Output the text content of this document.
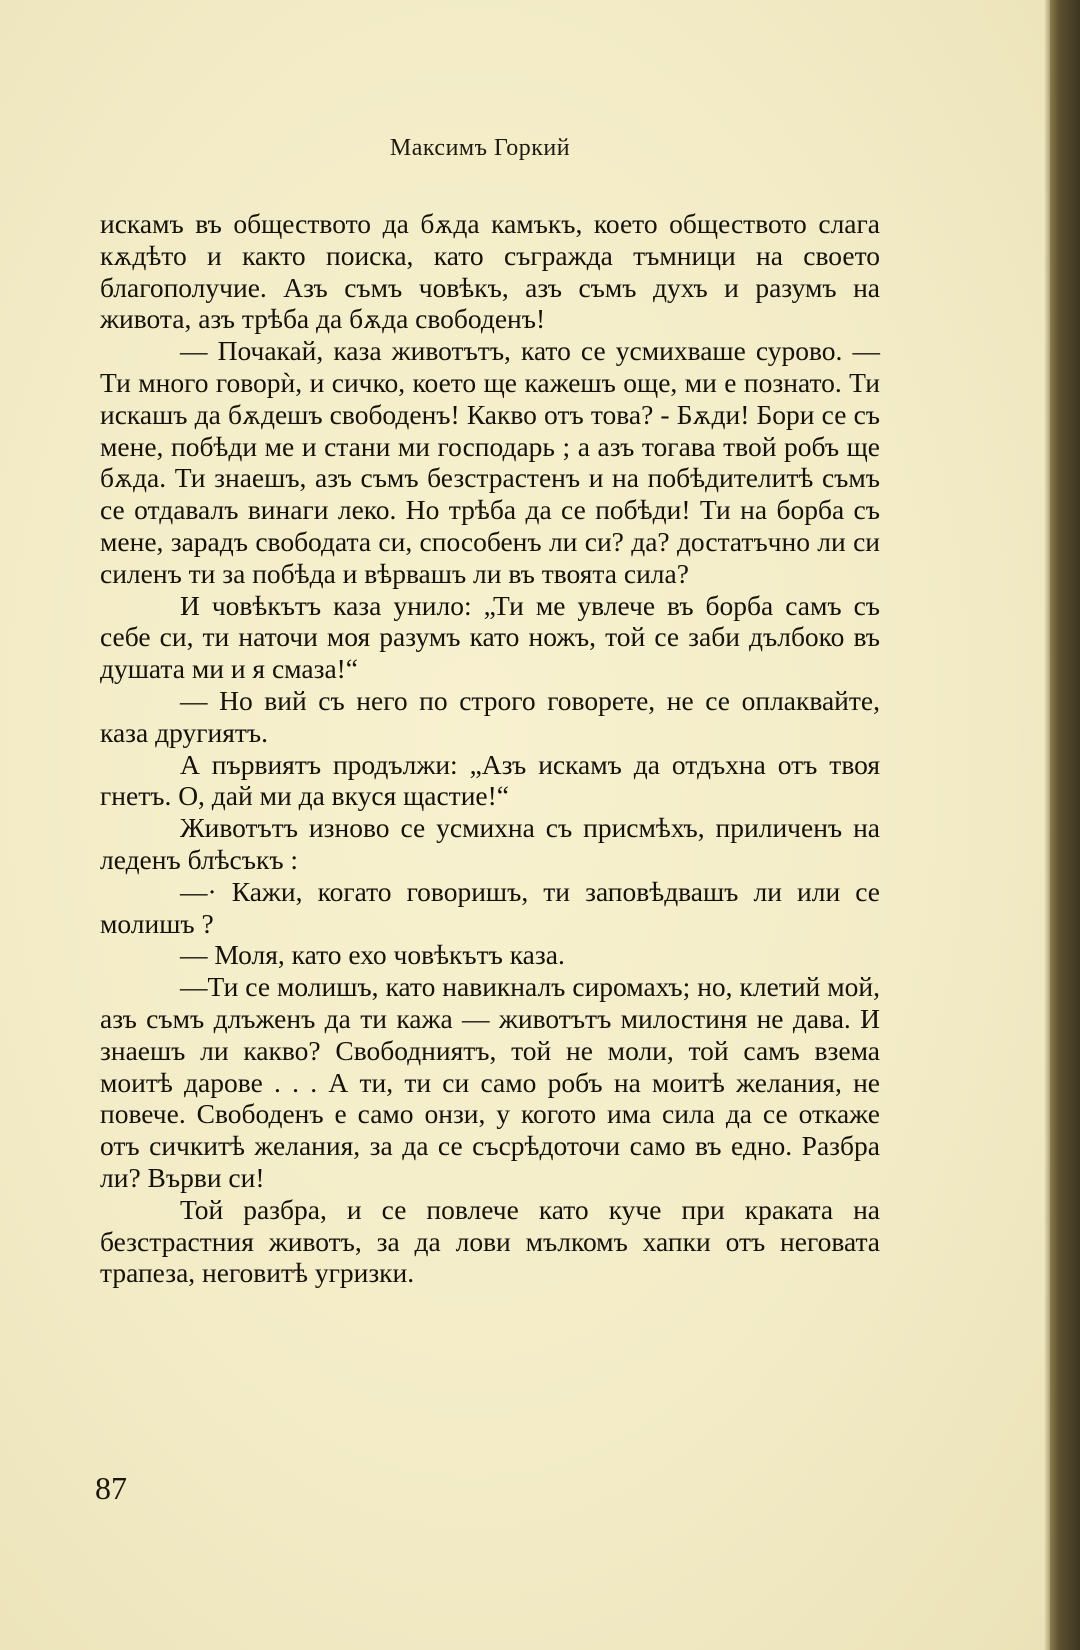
Максимъ Горкий

искамъ въ обществото да бѫда камъкъ, което обществото слага кѫдѣто и както поиска, като съгражда тъмници на своето благополучие. Азъ съмъ човѣкъ, азъ съмъ духъ и разумъ на живота, азъ трѣба да бѫда свободенъ!

— Почакай, каза животътъ, като се усмихваше сурово. — Ти много говорѝ, и сичко, което ще кажешъ още, ми е познато. Ти искашъ да бѫдешъ свободенъ! Какво отъ това? - Бѫди! Бори се съ мене, побѣди ме и стани ми господарь ; а азъ тогава твой робъ ще бѫда. Ти знаешъ, азъ съмъ безстрастенъ и на побѣдителитѣ съмъ се отдавалъ винаги леко. Но трѣба да се побѣди! Ти на борба съ мене, зарадъ свободата си, способенъ ли си? да? достатъчно ли си силенъ ти за побѣда и вѣрвашъ ли въ твоята сила?

И човѣкътъ каза унило: „Ти ме увлече въ борба самъ съ себе си, ти наточи моя разумъ като ножъ, той се заби дълбоко въ душата ми и я смаза!“

— Но вий съ него по строго говорете, не се оплаквайте, каза другиятъ.

А първиятъ продължи: „Азъ искамъ да отдъхна отъ твоя гнетъ. О, дай ми да вкуся щастие!“

Животътъ изново се усмихна съ присмѣхъ, приличенъ на леденъ блѣсъкъ :

—· Кажи, когато говоришъ, ти заповѣдвашъ ли или се молишъ ?

— Моля, като ехо човѣкътъ каза.

—Ти се молишъ, като навикналъ сиромахъ; но, клетий мой, азъ съмъ длъженъ да ти кажа — животътъ милостиня не дава. И знаешъ ли какво? Свободниятъ, той не моли, той самъ взема моитѣ дарове . . . А ти, ти си само робъ на моитѣ желания, не повече. Свободенъ е само онзи, у когото има сила да се откаже отъ сичкитѣ желания, за да се съсрѣдоточи само въ едно. Разбра ли? Върви си!

Той разбра, и се повлече като куче при краката на безстрастния животъ, за да лови мълкомъ хапки отъ неговата трапеза, неговитѣ угризки.

87
